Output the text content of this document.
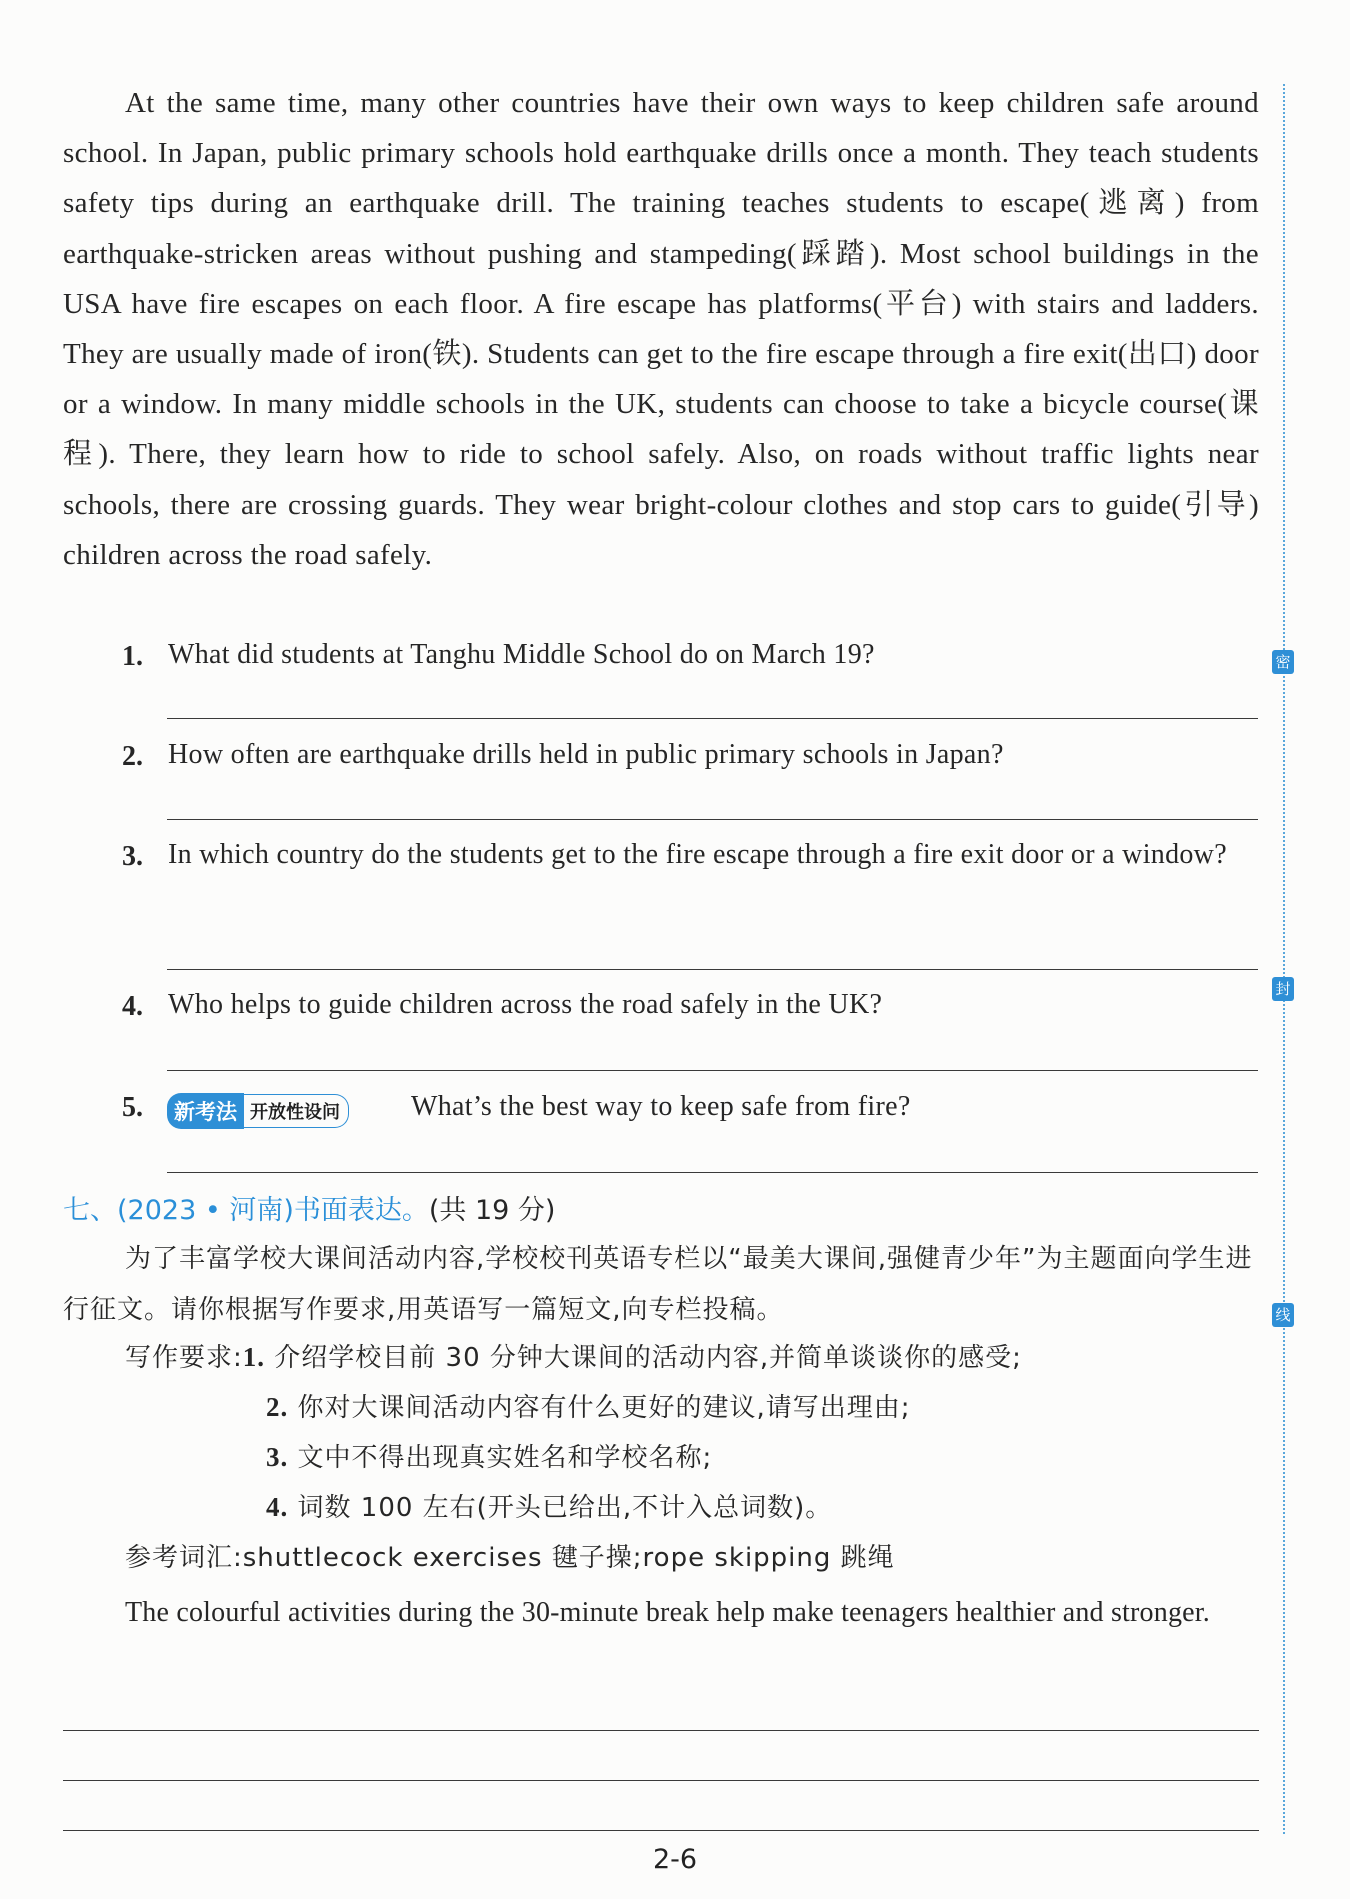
At the same time, many other countries have their own ways to keep children safe around school. In Japan, public primary schools hold earthquake drills once a month. They teach students safety tips during an earthquake drill. The training teaches students to escape(逃离) from earthquake-stricken areas without pushing and stampeding(踩踏). Most school buildings in the USA have fire escapes on each floor. A fire escape has platforms(平台) with stairs and ladders. They are usually made of iron(铁). Students can get to the fire escape through a fire exit(出口) door or a window. In many middle schools in the UK, students can choose to take a bicycle course(课程). There, they learn how to ride to school safely. Also, on roads without traffic lights near schools, there are crossing guards. They wear bright-colour clothes and stop cars to guide(引导) children across the road safely.

1. What did students at Tanghu Middle School do on March 19?
2. How often are earthquake drills held in public primary schools in Japan?
3. In which country do the students get to the fire escape through a fire exit door or a window?
4. Who helps to guide children across the road safely in the UK?
5.	新考法 开放性设问	What’s the best way to keep safe from fire?
七、(2023 • 河南)书面表达。(共 19 分)
为了丰富学校大课间活动内容,学校校刊英语专栏以“最美大课间,强健青少年”为主题面向学生进行征文。请你根据写作要求,用英语写一篇短文,向专栏投稿。
写作要求:1. 介绍学校目前 30 分钟大课间的活动内容,并简单谈谈你的感受;
2. 你对大课间活动内容有什么更好的建议,请写出理由;
3. 文中不得出现真实姓名和学校名称;
4. 词数 100 左右(开头已给出,不计入总词数)。
参考词汇:shuttlecock exercises 毽子操;rope skipping 跳绳

The colourful activities during the 30-minute break help make teenagers healthier and stronger.

2-6
密
封
线
